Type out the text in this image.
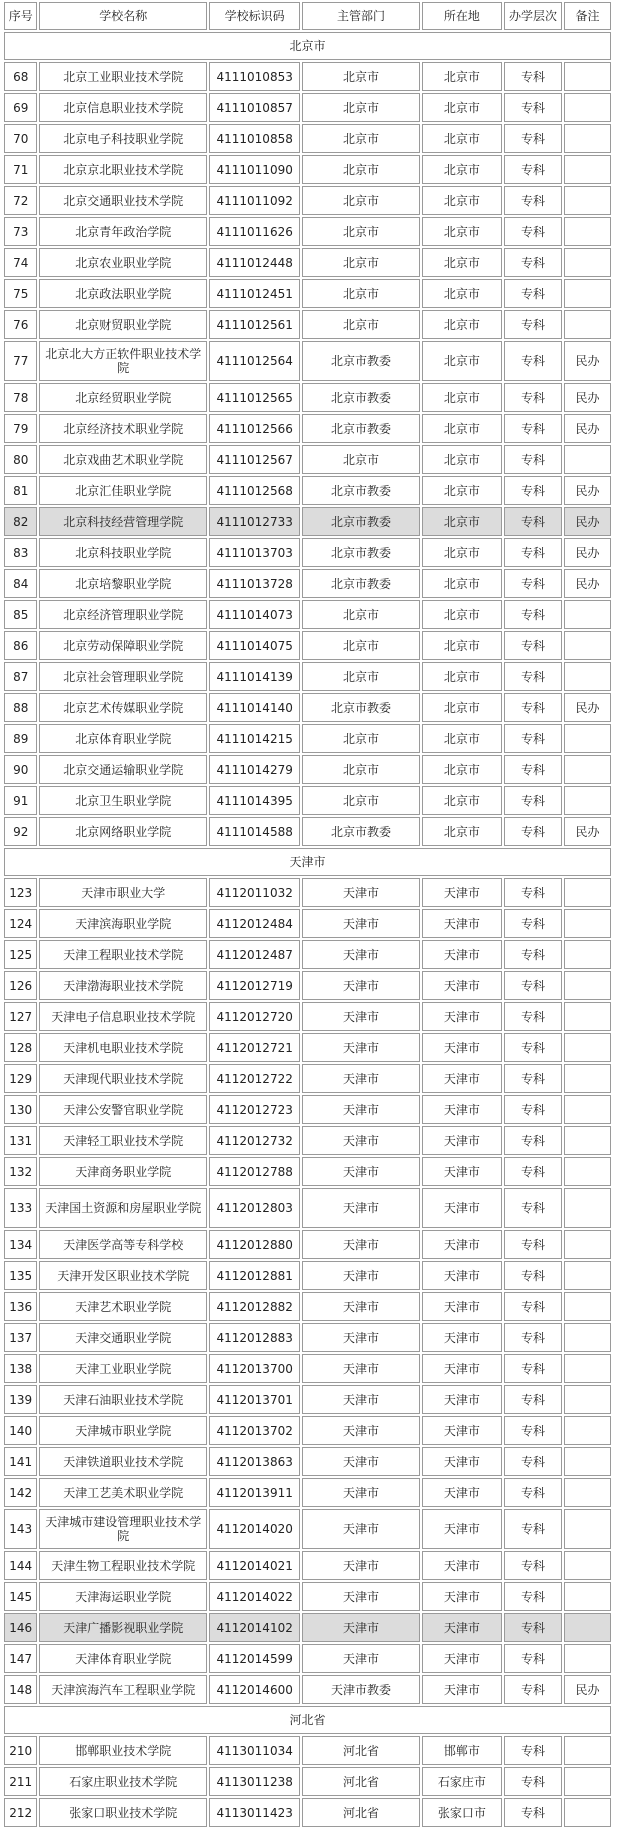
序号	学校名称	学校标识码	主管部门	所在地	办学层次	备注
北京市						
68	北京工业职业技术学院	4111010853	北京市	北京市	专科	
69	北京信息职业技术学院	4111010857	北京市	北京市	专科	
70	北京电子科技职业学院	4111010858	北京市	北京市	专科	
71	北京京北职业技术学院	4111011090	北京市	北京市	专科	
72	北京交通职业技术学院	4111011092	北京市	北京市	专科	
73	北京青年政治学院	4111011626	北京市	北京市	专科	
74	北京农业职业学院	4111012448	北京市	北京市	专科	
75	北京政法职业学院	4111012451	北京市	北京市	专科	
76	北京财贸职业学院	4111012561	北京市	北京市	专科	
77	北京北大方正软件职业技术学院	4111012564	北京市教委	北京市	专科	民办
78	北京经贸职业学院	4111012565	北京市教委	北京市	专科	民办
79	北京经济技术职业学院	4111012566	北京市教委	北京市	专科	民办
80	北京戏曲艺术职业学院	4111012567	北京市	北京市	专科	
81	北京汇佳职业学院	4111012568	北京市教委	北京市	专科	民办
82	北京科技经营管理学院	4111012733	北京市教委	北京市	专科	民办
83	北京科技职业学院	4111013703	北京市教委	北京市	专科	民办
84	北京培黎职业学院	4111013728	北京市教委	北京市	专科	民办
85	北京经济管理职业学院	4111014073	北京市	北京市	专科	
86	北京劳动保障职业学院	4111014075	北京市	北京市	专科	
87	北京社会管理职业学院	4111014139	北京市	北京市	专科	
88	北京艺术传媒职业学院	4111014140	北京市教委	北京市	专科	民办
89	北京体育职业学院	4111014215	北京市	北京市	专科	
90	北京交通运输职业学院	4111014279	北京市	北京市	专科	
91	北京卫生职业学院	4111014395	北京市	北京市	专科	
92	北京网络职业学院	4111014588	北京市教委	北京市	专科	民办
天津市						
123	天津市职业大学	4112011032	天津市	天津市	专科	
124	天津滨海职业学院	4112012484	天津市	天津市	专科	
125	天津工程职业技术学院	4112012487	天津市	天津市	专科	
126	天津渤海职业技术学院	4112012719	天津市	天津市	专科	
127	天津电子信息职业技术学院	4112012720	天津市	天津市	专科	
128	天津机电职业技术学院	4112012721	天津市	天津市	专科	
129	天津现代职业技术学院	4112012722	天津市	天津市	专科	
130	天津公安警官职业学院	4112012723	天津市	天津市	专科	
131	天津轻工职业技术学院	4112012732	天津市	天津市	专科	
132	天津商务职业学院	4112012788	天津市	天津市	专科	
133	天津国土资源和房屋职业学院	4112012803	天津市	天津市	专科	
134	天津医学高等专科学校	4112012880	天津市	天津市	专科	
135	天津开发区职业技术学院	4112012881	天津市	天津市	专科	
136	天津艺术职业学院	4112012882	天津市	天津市	专科	
137	天津交通职业学院	4112012883	天津市	天津市	专科	
138	天津工业职业学院	4112013700	天津市	天津市	专科	
139	天津石油职业技术学院	4112013701	天津市	天津市	专科	
140	天津城市职业学院	4112013702	天津市	天津市	专科	
141	天津铁道职业技术学院	4112013863	天津市	天津市	专科	
142	天津工艺美术职业学院	4112013911	天津市	天津市	专科	
143	天津城市建设管理职业技术学院	4112014020	天津市	天津市	专科	
144	天津生物工程职业技术学院	4112014021	天津市	天津市	专科	
145	天津海运职业学院	4112014022	天津市	天津市	专科	
146	天津广播影视职业学院	4112014102	天津市	天津市	专科	
147	天津体育职业学院	4112014599	天津市	天津市	专科	
148	天津滨海汽车工程职业学院	4112014600	天津市教委	天津市	专科	民办
河北省						
210	邯郸职业技术学院	4113011034	河北省	邯郸市	专科	
211	石家庄职业技术学院	4113011238	河北省	石家庄市	专科	
212	张家口职业技术学院	4113011423	河北省	张家口市	专科	
